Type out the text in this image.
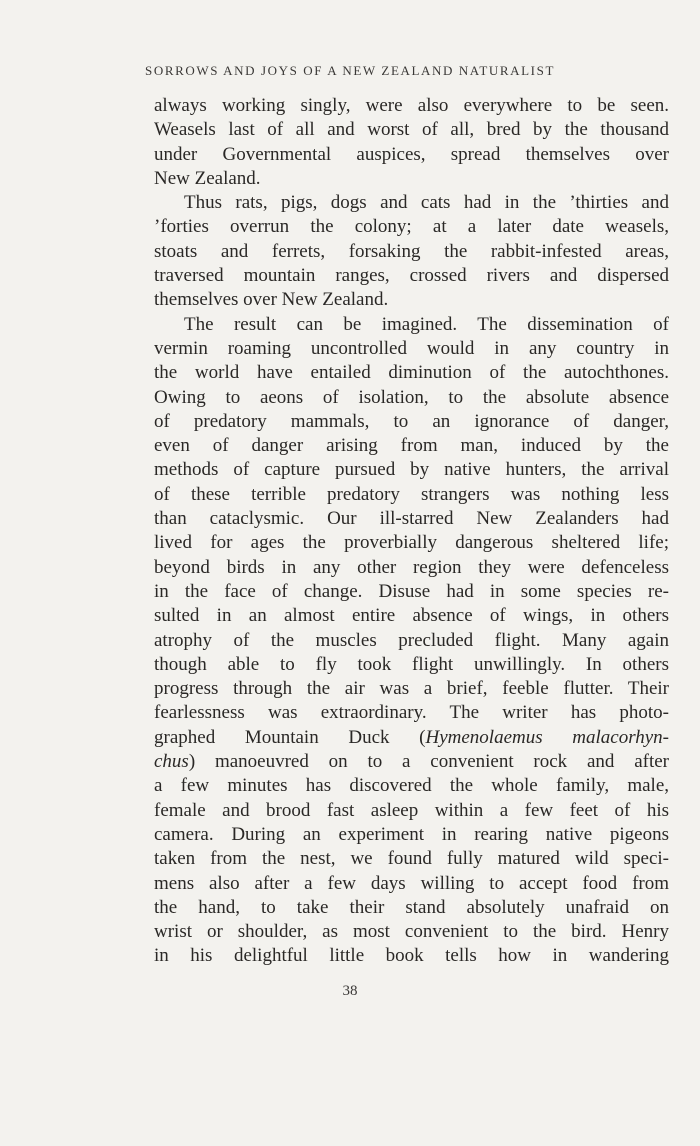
SORROWS AND JOYS OF A NEW ZEALAND NATURALIST
always working singly, were also everywhere to be seen.
Weasels last of all and worst of all, bred by the thousand
under Governmental auspices, spread themselves over
New Zealand.
Thus rats, pigs, dogs and cats had in the ’thirties and
’forties overrun the colony; at a later date weasels,
stoats and ferrets, forsaking the rabbit-infested areas,
traversed mountain ranges, crossed rivers and dispersed
themselves over New Zealand.
The result can be imagined. The dissemination of
vermin roaming uncontrolled would in any country in
the world have entailed diminution of the autochthones.
Owing to aeons of isolation, to the absolute absence
of predatory mammals, to an ignorance of danger,
even of danger arising from man, induced by the
methods of capture pursued by native hunters, the arrival
of these terrible predatory strangers was nothing less
than cataclysmic. Our ill-starred New Zealanders had
lived for ages the proverbially dangerous sheltered life;
beyond birds in any other region they were defenceless
in the face of change. Disuse had in some species re-
sulted in an almost entire absence of wings, in others
atrophy of the muscles precluded flight. Many again
though able to fly took flight unwillingly. In others
progress through the air was a brief, feeble flutter. Their
fearlessness was extraordinary. The writer has photo-
graphed Mountain Duck (Hymenolaemus malacorhyn-
chus) manoeuvred on to a convenient rock and after
a few minutes has discovered the whole family, male,
female and brood fast asleep within a few feet of his
camera. During an experiment in rearing native pigeons
taken from the nest, we found fully matured wild speci-
mens also after a few days willing to accept food from
the hand, to take their stand absolutely unafraid on
wrist or shoulder, as most convenient to the bird. Henry
in his delightful little book tells how in wandering
38
